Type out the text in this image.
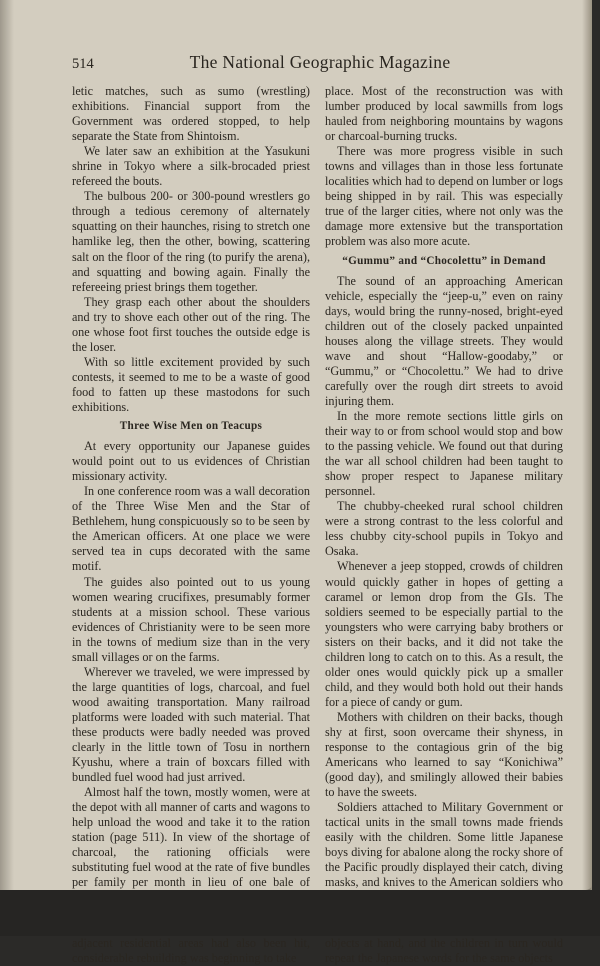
514	The National Geographic Magazine

letic matches, such as sumo (wrestling) exhibitions. Financial support from the Government was ordered stopped, to help separate the State from Shintoism.

We later saw an exhibition at the Yasukuni shrine in Tokyo where a silk-brocaded priest refereed the bouts.

The bulbous 200- or 300-pound wrestlers go through a tedious ceremony of alternately squatting on their haunches, rising to stretch one hamlike leg, then the other, bowing, scattering salt on the floor of the ring (to purify the arena), and squatting and bowing again. Finally the refereeing priest brings them together.

They grasp each other about the shoulders and try to shove each other out of the ring. The one whose foot first touches the outside edge is the loser.

With so little excitement provided by such contests, it seemed to me to be a waste of good food to fatten up these mastodons for such exhibitions.

Three Wise Men on Teacups

At every opportunity our Japanese guides would point out to us evidences of Christian missionary activity.

In one conference room was a wall decoration of the Three Wise Men and the Star of Bethlehem, hung conspicuously so to be seen by the American officers. At one place we were served tea in cups decorated with the same motif.

The guides also pointed out to us young women wearing crucifixes, presumably former students at a mission school. These various evidences of Christianity were to be seen more in the towns of medium size than in the very small villages or on the farms.

Wherever we traveled, we were impressed by the large quantities of logs, charcoal, and fuel wood awaiting transportation. Many railroad platforms were loaded with such material. That these products were badly needed was proved clearly in the little town of Tosu in northern Kyushu, where a train of boxcars filled with bundled fuel wood had just arrived.

Almost half the town, mostly women, were at the depot with all manner of carts and wagons to help unload the wood and take it to the ration station (page 511). In view of the shortage of charcoal, the rationing officials were substituting fuel wood at the rate of five bundles per family per month in lieu of one bale of

adjacent residential areas had also been hit, considerable rebuilding was beginning to take

place. Most of the reconstruction was with lumber produced by local sawmills from logs hauled from neighboring mountains by wagons or charcoal-burning trucks.

There was more progress visible in such towns and villages than in those less fortunate localities which had to depend on lumber or logs being shipped in by rail. This was especially true of the larger cities, where not only was the damage more extensive but the transportation problem was also more acute.

“Gummu” and “Chocolettu” in Demand

The sound of an approaching American vehicle, especially the “jeep-u,” even on rainy days, would bring the runny-nosed, bright-eyed children out of the closely packed unpainted houses along the village streets. They would wave and shout “Hallow-goodaby,” or “Gummu,” or “Chocolettu.” We had to drive carefully over the rough dirt streets to avoid injuring them.

In the more remote sections little girls on their way to or from school would stop and bow to the passing vehicle. We found out that during the war all school children had been taught to show proper respect to Japanese military personnel.

The chubby-cheeked rural school children were a strong contrast to the less colorful and less chubby city-school pupils in Tokyo and Osaka.

Whenever a jeep stopped, crowds of children would quickly gather in hopes of getting a caramel or lemon drop from the GIs. The soldiers seemed to be especially partial to the youngsters who were carrying baby brothers or sisters on their backs, and it did not take the children long to catch on to this. As a result, the older ones would quickly pick up a smaller child, and they would both hold out their hands for a piece of candy or gum.

Mothers with children on their backs, though shy at first, soon overcame their shyness, in response to the contagious grin of the big Americans who learned to say “Konichiwa” (good day), and smilingly allowed their babies to have the sweets.

Soldiers attached to Military Government or tactical units in the small towns made friends easily with the children. Some little Japanese boys diving for abalone along the rocky shore of the Pacific proudly displayed their catch, diving masks, and knives to the American soldiers who

objects at hand, and the children in turn would repeat the Japanese words for the same objects
